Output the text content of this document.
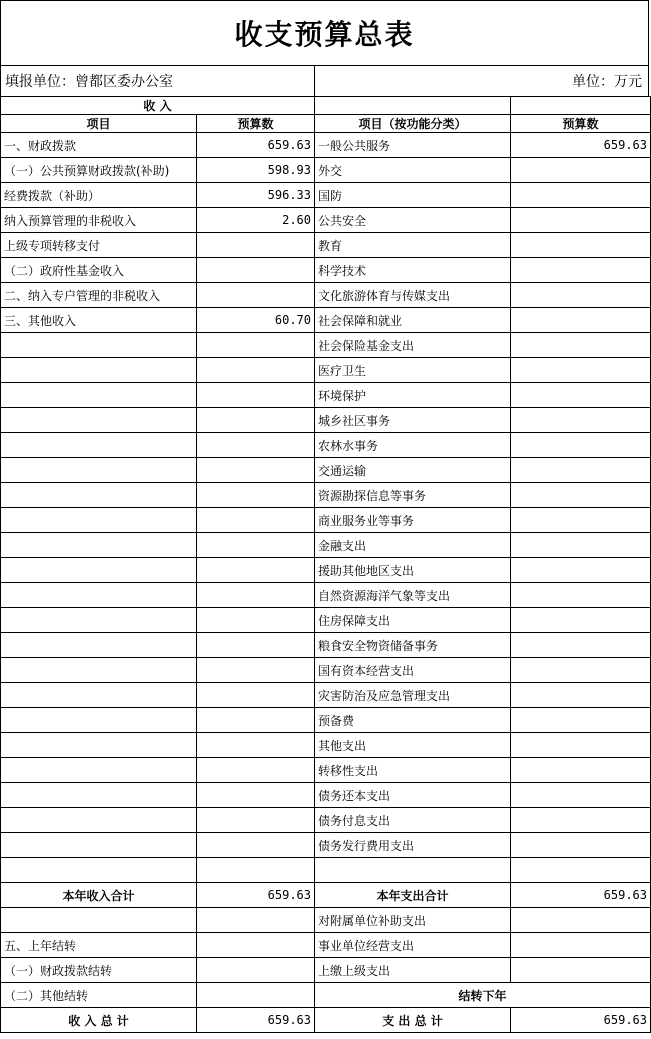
收支预算总表
填报单位：曾都区委办公室	单位：万元
收 入			
项目	预算数	项目（按功能分类）	预算数
一、财政拨款	659.63	一般公共服务	659.63
（一）公共预算财政拨款(补助)	598.93	外交	
经费拨款（补助）	596.33	国防	
纳入预算管理的非税收入	2.60	公共安全	
上级专项转移支付		教育	
（二）政府性基金收入		科学技术	
二、纳入专户管理的非税收入		文化旅游体育与传媒支出	
三、其他收入	60.70	社会保障和就业	
		社会保险基金支出	
		医疗卫生	
		环境保护	
		城乡社区事务	
		农林水事务	
		交通运输	
		资源勘探信息等事务	
		商业服务业等事务	
		金融支出	
		援助其他地区支出	
		自然资源海洋气象等支出	
		住房保障支出	
		粮食安全物资储备事务	
		国有资本经营支出	
		灾害防治及应急管理支出	
		预备费	
		其他支出	
		转移性支出	
		债务还本支出	
		债务付息支出	
		债务发行费用支出	

本年收入合计	659.63	本年支出合计	659.63
		对附属单位补助支出	
五、上年结转		事业单位经营支出	
（一）财政拨款结转		上缴上级支出	
（二）其他结转		结转下年	
收 入 总 计	659.63	支 出 总 计	659.63
